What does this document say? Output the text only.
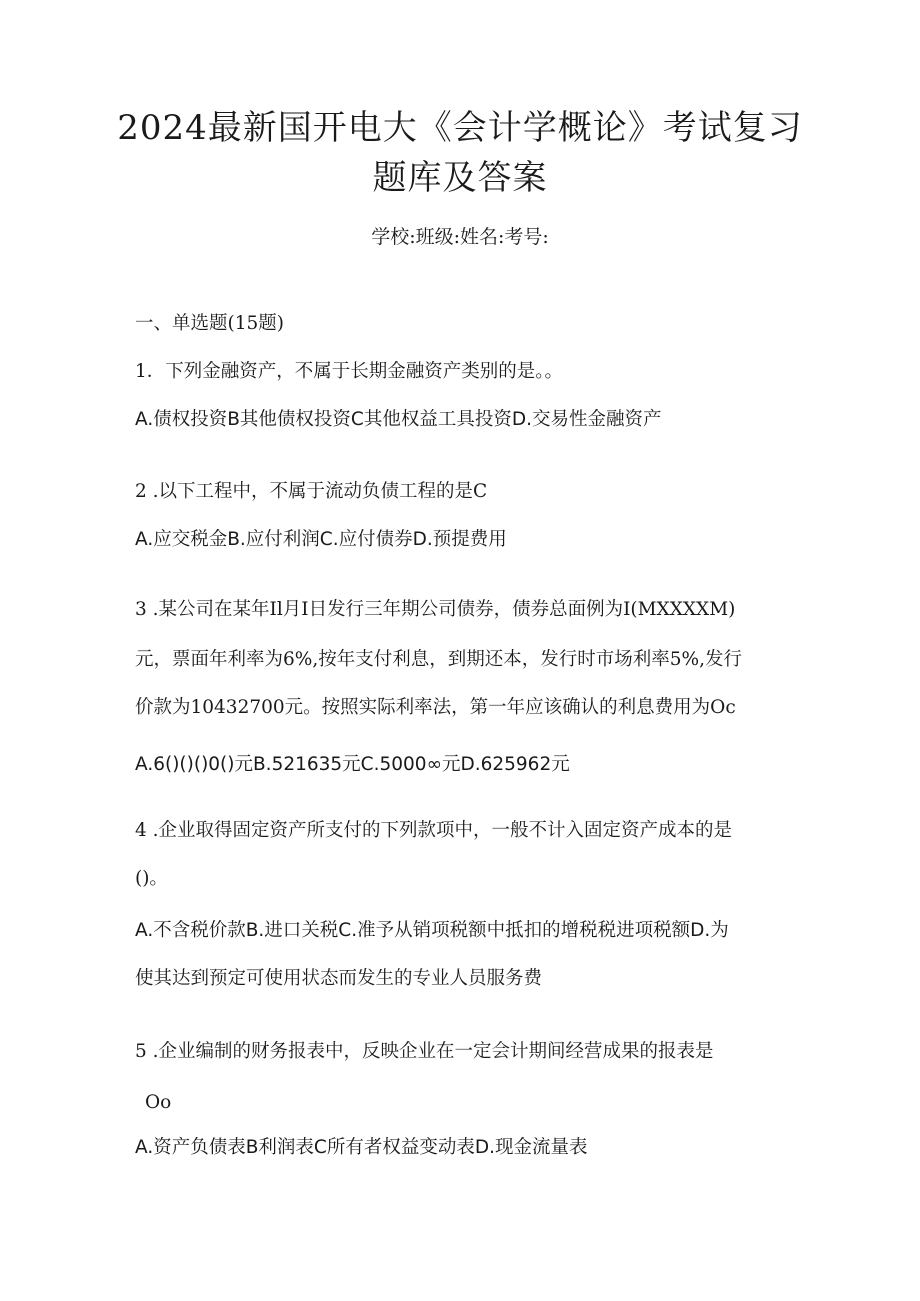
2024最新国开电大《会计学概论》考试复习
题库及答案
学校:班级:姓名:考号:
一、单选题(15题)
1．下列金融资产，不属于长期金融资产类别的是。。
A.债权投资B其他债权投资C其他权益工具投资D.交易性金融资产
2 .以下工程中，不属于流动负债工程的是C
A.应交税金B.应付利润C.应付债券D.预提费用
3 .某公司在某年Il月I日发行三年期公司债券，债券总面例为I(MXXXXM)
元，票面年利率为6%,按年支付利息，到期还本，发行时市场利率5%,发行
价款为10432700元。按照实际利率法，第一年应该确认的利息费用为Oc
A.6()()()0()元B.521635元C.5000∞元D.625962元
4 .企业取得固定资产所支付的下列款项中，一般不计入固定资产成本的是
()。
A.不含税价款B.进口关税C.准予从销项税额中抵扣的增税税进项税额D.为
使其达到预定可使用状态而发生的专业人员服务费
5 .企业编制的财务报表中，反映企业在一定会计期间经营成果的报表是
Oo
A.资产负债表B利润表C所有者权益变动表D.现金流量表
